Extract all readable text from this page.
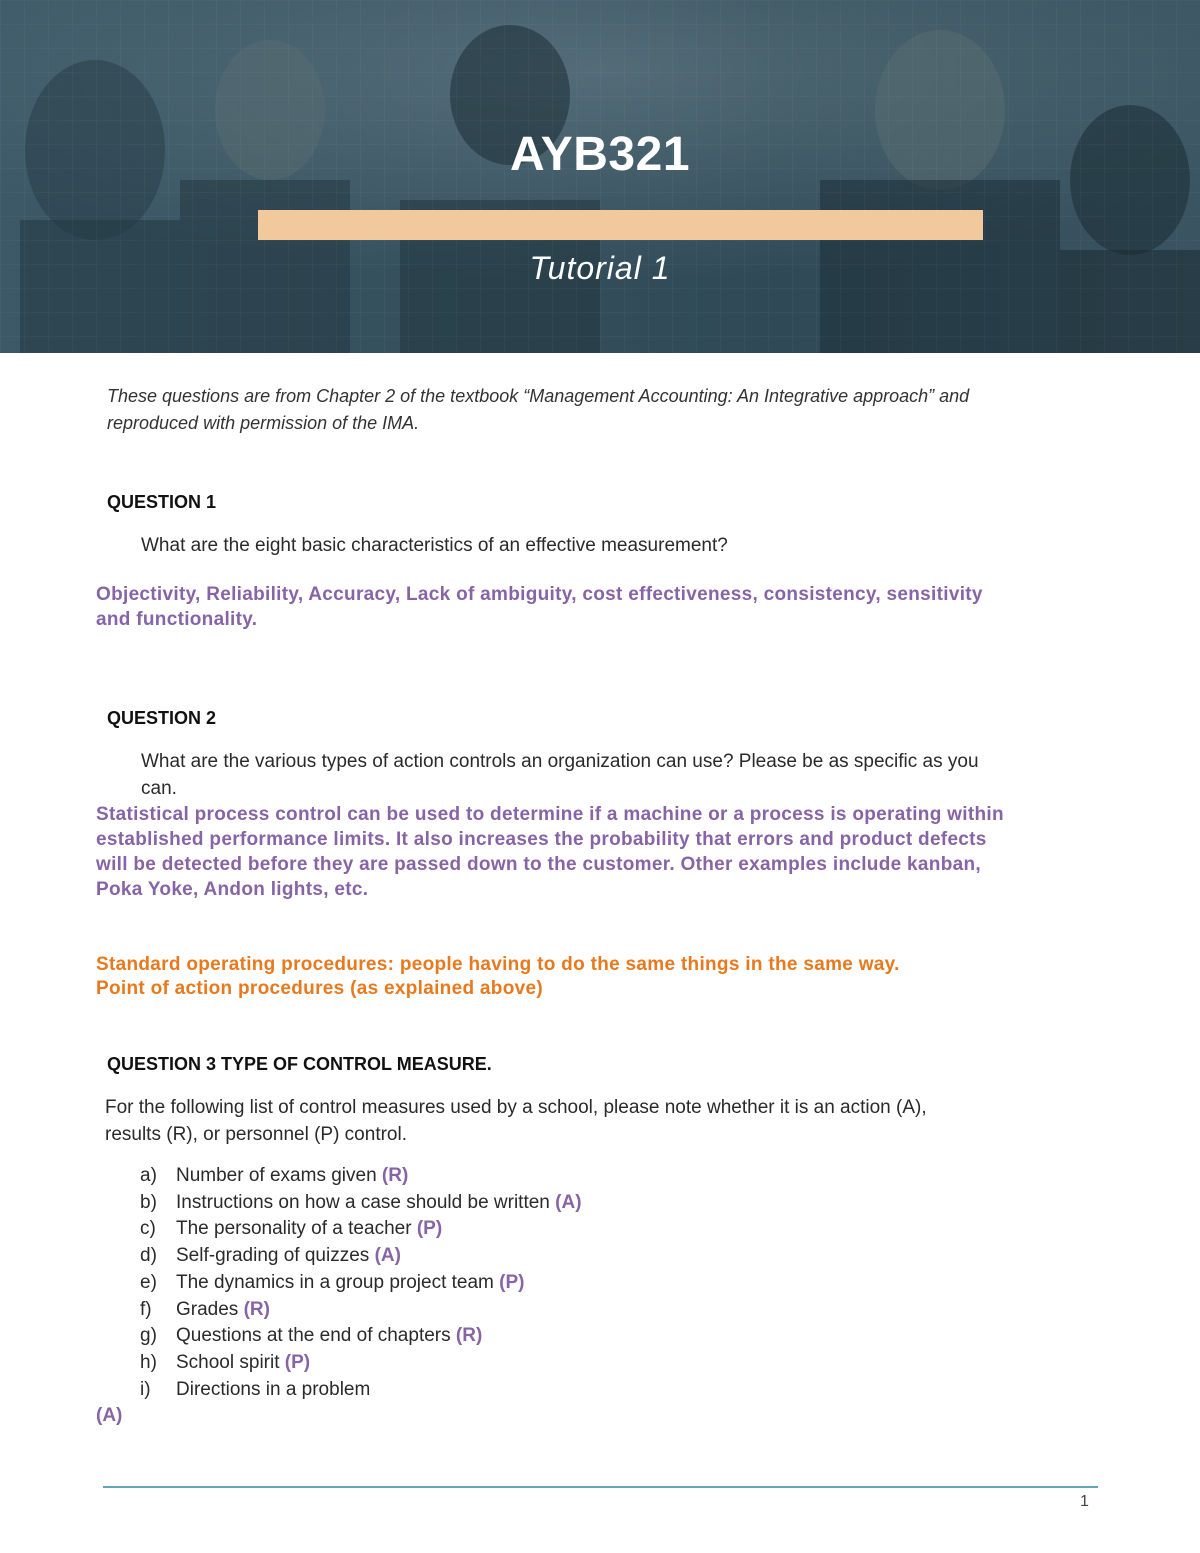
AYB321
Tutorial 1
These questions are from Chapter 2 of the textbook “Management Accounting: An Integrative approach” and
reproduced with permission of the IMA.
QUESTION 1
What are the eight basic characteristics of an effective measurement?
Objectivity, Reliability, Accuracy, Lack of ambiguity, cost effectiveness, consistency, sensitivity
and functionality.
QUESTION 2
What are the various types of action controls an organization can use? Please be as specific as you
can.
Statistical process control can be used to determine if a machine or a process is operating within
established performance limits. It also increases the probability that errors and product defects
will be detected before they are passed down to the customer. Other examples include kanban,
Poka Yoke, Andon lights, etc.
Standard operating procedures: people having to do the same things in the same way.
Point of action procedures (as explained above)
QUESTION 3 TYPE OF CONTROL MEASURE.
For the following list of control measures used by a school, please note whether it is an action (A),
results (R), or personnel (P) control.
a) Number of exams given (R)
b) Instructions on how a case should be written (A)
c) The personality of a teacher (P)
d) Self-grading of quizzes (A)
e) The dynamics in a group project team (P)
f) Grades (R)
g) Questions at the end of chapters (R)
h) School spirit (P)
i) Directions in a problem
(A)
1
